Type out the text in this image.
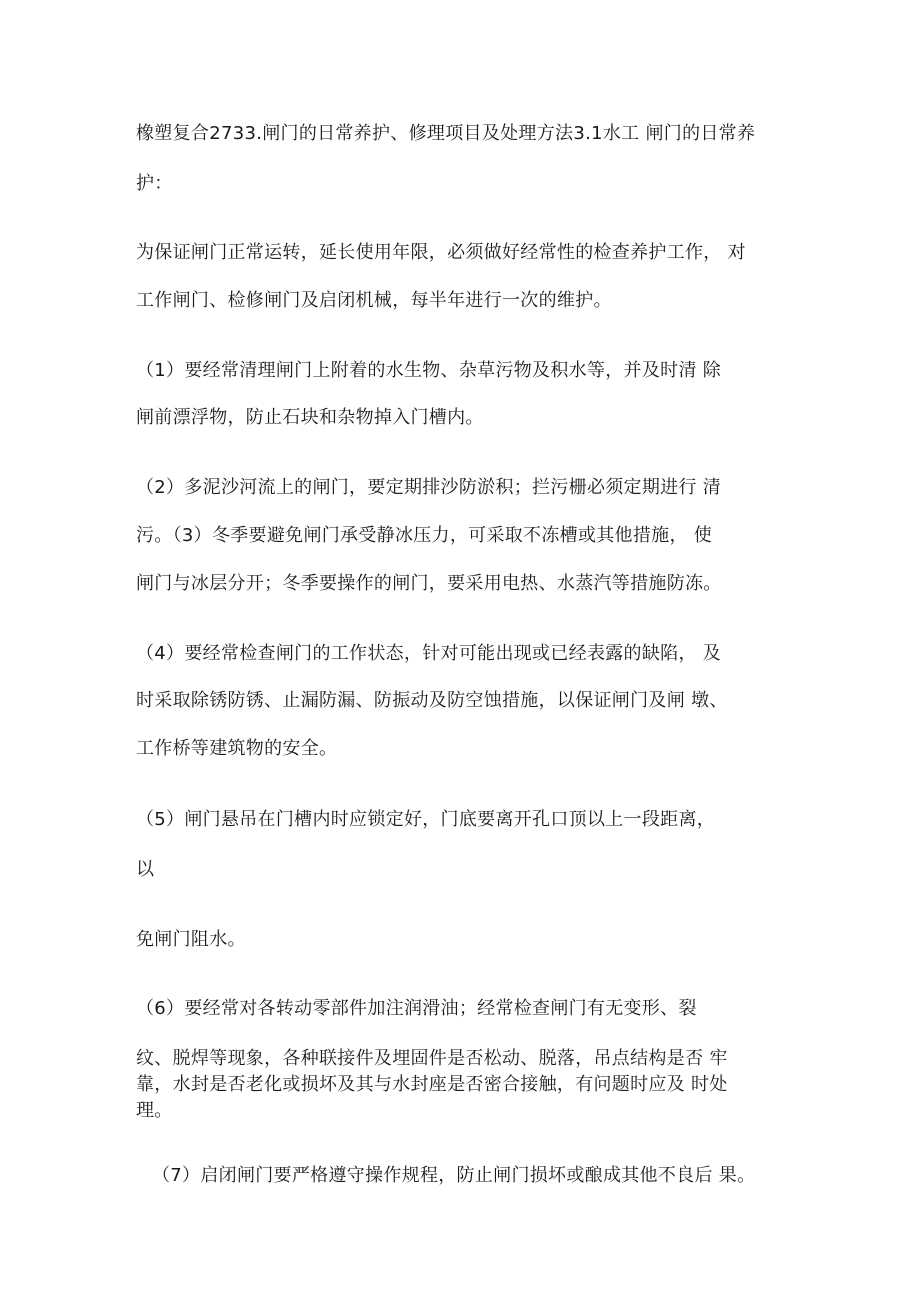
橡塑复合2733.闸门的日常养护、修理项目及处理方法3.1水工 闸门的日常养
护：
为保证闸门正常运转，延长使用年限，必须做好经常性的检查养护工作， 对
工作闸门、检修闸门及启闭机械，每半年进行一次的维护。
（1）要经常清理闸门上附着的水生物、杂草污物及积水等，并及时清 除
闸前漂浮物，防止石块和杂物掉入门槽内。
（2）多泥沙河流上的闸门，要定期排沙防淤积；拦污栅必须定期进行 清
污。（3）冬季要避免闸门承受静冰压力，可采取不冻槽或其他措施， 使
闸门与冰层分开；冬季要操作的闸门，要采用电热、水蒸汽等措施防冻。
（4）要经常检查闸门的工作状态，针对可能出现或已经表露的缺陷， 及
时采取除锈防锈、止漏防漏、防振动及防空蚀措施，以保证闸门及闸 墩、
工作桥等建筑物的安全。
（5）闸门悬吊在门槽内时应锁定好，门底要离开孔口顶以上一段距离，
以
免闸门阻水。
（6）要经常对各转动零部件加注润滑油；经常检查闸门有无变形、裂
纹、脱焊等现象，各种联接件及埋固件是否松动、脱落，吊点结构是否 牢
靠，水封是否老化或损坏及其与水封座是否密合接触，有问题时应及 时处
理。
（7）启闭闸门要严格遵守操作规程，防止闸门损坏或酿成其他不良后 果。
